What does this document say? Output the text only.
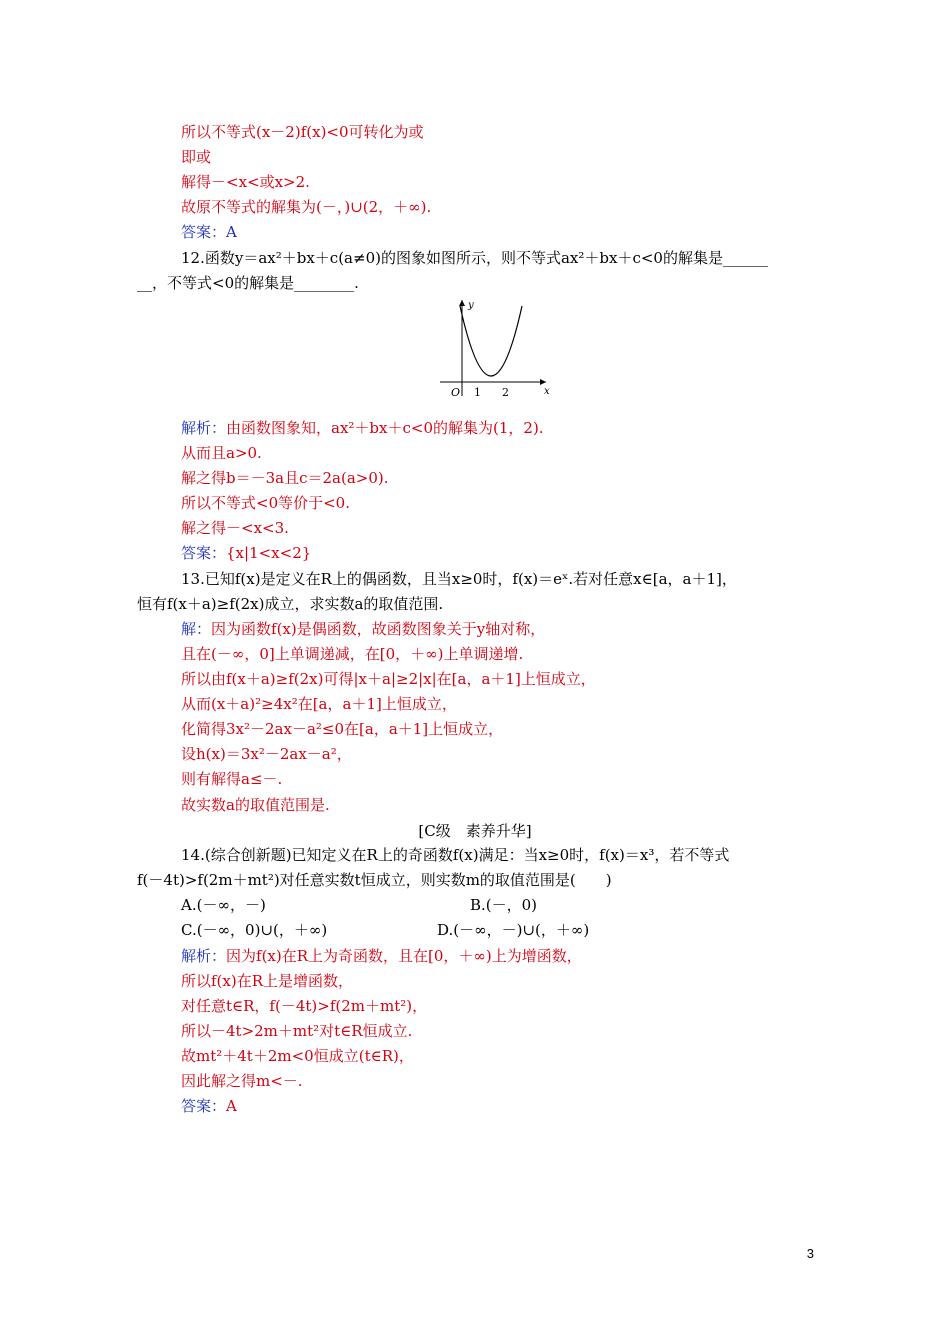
所以不等式(x－2)f(x)<0可转化为或
即或
解得－<x<或x>2.
故原不等式的解集为(－，)∪(2，＋∞).
答案：A
12.函数y＝ax²＋bx＋c(a≠0)的图象如图所示，则不等式ax²＋bx＋c<0的解集是______
__，不等式<0的解集是________.
从而且a>0.
解之得b＝－3a且c＝2a(a>0).
所以不等式<0等价于<0.
解之得－<x<3.
13.已知f(x)是定义在R上的偶函数，且当x≥0时，f(x)＝eˣ.若对任意x∈[a，a＋1]，
恒有f(x＋a)≥f(2x)成立，求实数a的取值范围.
且在(－∞，0]上单调递减，在[0，＋∞)上单调递增.
所以由f(x＋a)≥f(2x)可得|x＋a|≥2|x|在[a，a＋1]上恒成立，
从而(x＋a)²≥4x²在[a，a＋1]上恒成立，
化简得3x²－2ax－a²≤0在[a，a＋1]上恒成立，
设h(x)＝3x²－2ax－a²，
则有解得a≤－.
故实数a的取值范围是.
14.(综合创新题)已知定义在R上的奇函数f(x)满足：当x≥0时，f(x)＝x³，若不等式
f(－4t)>f(2m＋mt²)对任意实数t恒成立，则实数m的取值范围是(　　)
所以f(x)在R上是增函数，
对任意t∈R，f(－4t)>f(2m＋mt²)，
所以－4t>2m＋mt²对t∈R恒成立.
故mt²＋4t＋2m<0恒成立(t∈R)，
因此解之得m<－.
解析：由函数图象知，ax²＋bx＋c<0的解集为(1，2).
答案：{x|1<x<2}
解：因为函数f(x)是偶函数，故函数图象关于y轴对称，
解析：因为f(x)在R上为奇函数，且在[0，＋∞)上为增函数，
答案：A
y
x
O 1 2
[C级　素养升华]
A.(－∞，－)	B.(－，0)
C.(－∞，0)∪(，＋∞)	D.(－∞，－)∪(，＋∞)
3
